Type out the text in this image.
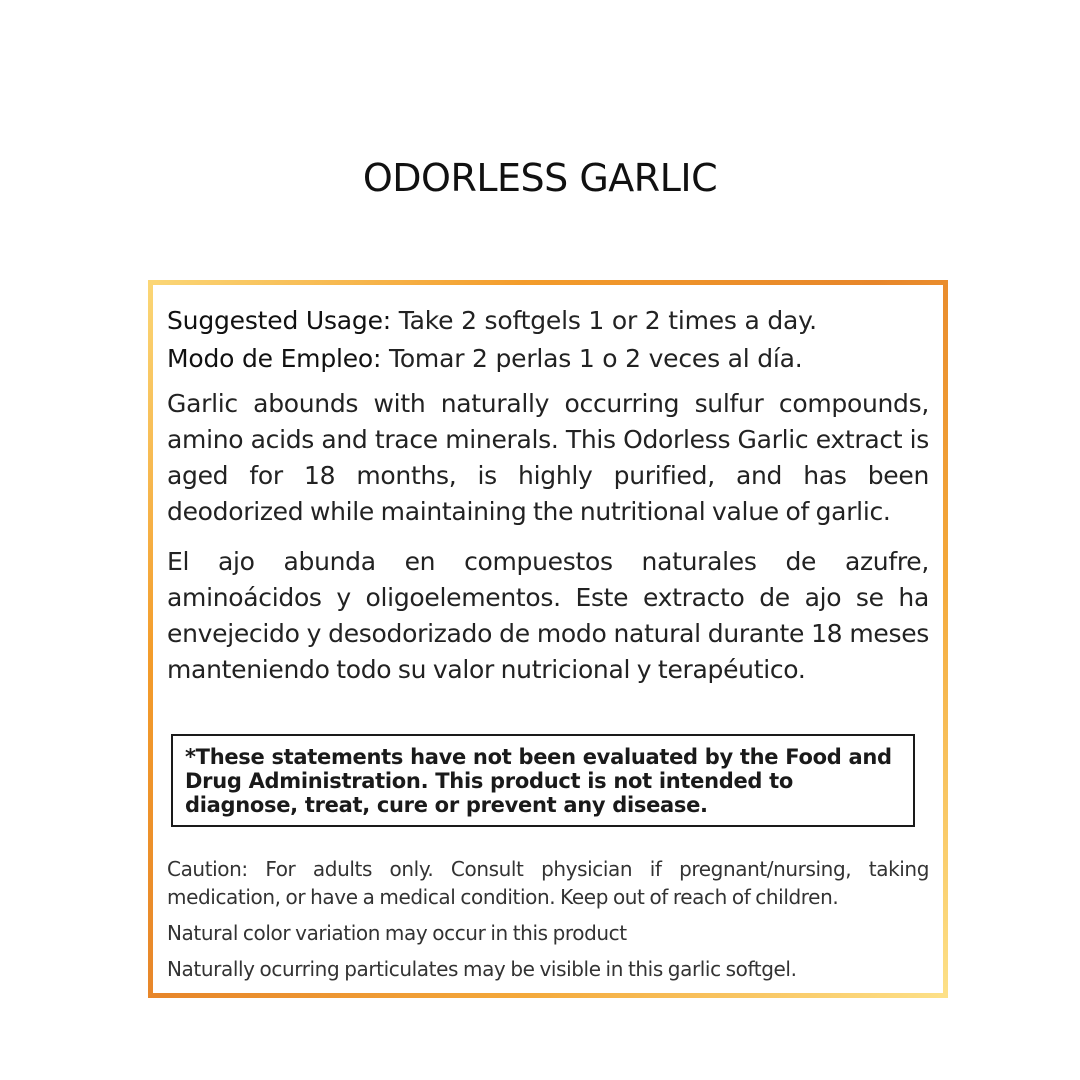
ODORLESS GARLIC
Suggested Usage: Take 2 softgels 1 or 2 times a day.
Modo de Empleo: Tomar 2 perlas 1 o 2 veces al día.

Garlic abounds with naturally occurring sulfur compounds, amino acids and trace minerals. This Odorless Garlic extract is aged for 18 months, is highly purified, and has been deodorized while maintaining the nutritional value of garlic.

El ajo abunda en compuestos naturales de azufre, aminoácidos y oligoelementos. Este extracto de ajo se ha envejecido y desodorizado de modo natural durante 18 meses manteniendo todo su valor nutricional y terapéutico.

*These statements have not been evaluated by the Food and Drug Administration. This product is not intended to diagnose, treat, cure or prevent any disease.

Caution: For adults only. Consult physician if pregnant/nursing, taking medication, or have a medical condition. Keep out of reach of children.

Natural color variation may occur in this product

Naturally ocurring particulates may be visible in this garlic softgel.
